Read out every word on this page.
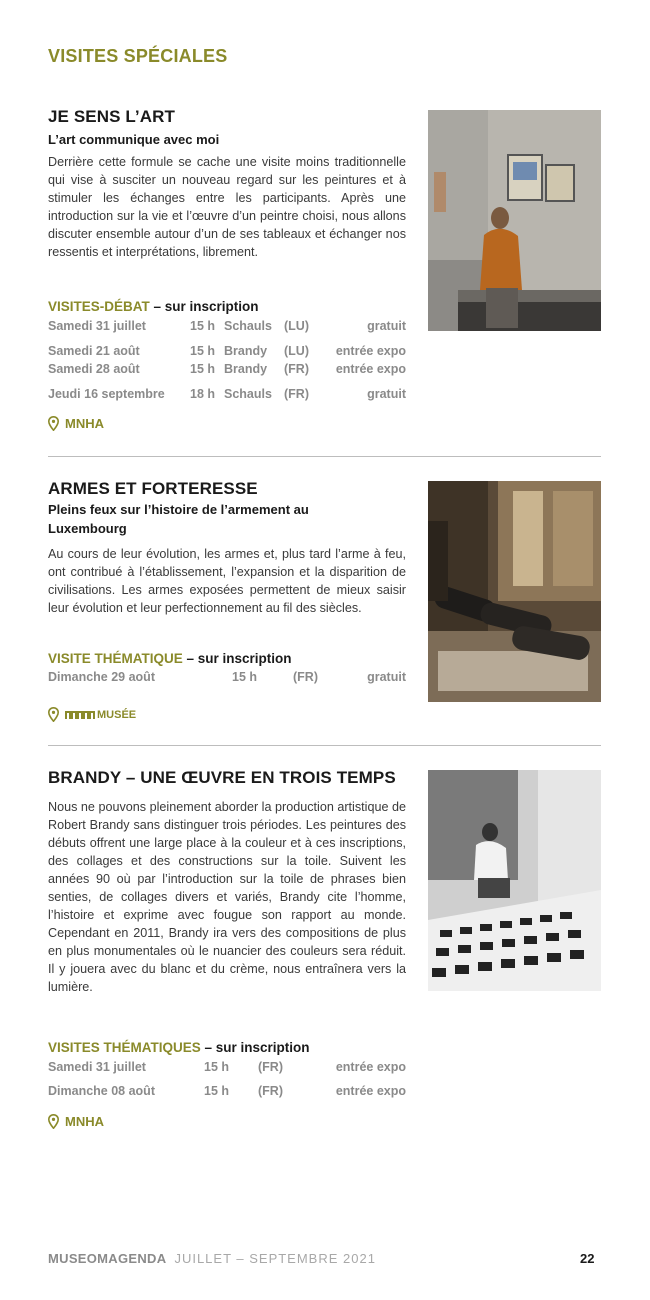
VISITES SPÉCIALES
JE SENS L’ART
L’art communique avec moi
Derrière cette formule se cache une visite moins traditionnelle qui vise à susciter un nouveau regard sur les peintures et à stimuler les échanges entre les participants. Après une introduction sur la vie et l’œuvre d’un peintre choisi, nous allons discuter ensemble autour d’un de ses tableaux et échanger nos ressentis et interprétations, librement.
VISITES-DÉBAT – sur inscription
Samedi 31 juillet	15 h Schauls (LU)	gratuit
Samedi 21 août	15 h Brandy (LU) entrée expo
Samedi 28 août	15 h Brandy (FR) entrée expo
Jeudi 16 septembre 18 h Schauls (FR)	gratuit
MNHA
ARMES ET FORTERESSE
Pleins feux sur l’histoire de l’armement au Luxembourg
Au cours de leur évolution, les armes et, plus tard l’arme à feu, ont contribué à l’établissement, l’expansion et la disparition de civilisations. Les armes exposées permettent de mieux saisir leur évolution et leur perfectionnement au fil des siècles.
VISITE THÉMATIQUE – sur inscription
Dimanche 29 août	15 h	(FR)	gratuit
MUSÉE
BRANDY – UNE ŒUVRE EN TROIS TEMPS
Nous ne pouvons pleinement aborder la production artistique de Robert Brandy sans distinguer trois périodes. Les peintures des débuts offrent une large place à la couleur et à ces inscriptions, des collages et des constructions sur la toile. Suivent les années 90 où par l’introduction sur la toile de phrases bien senties, de collages divers et variés, Brandy cite l’homme, l’histoire et exprime avec fougue son rapport au monde. Cependant en 2011, Brandy ira vers des compositions de plus en plus monumentales où le nuancier des couleurs sera réduit. Il y jouera avec du blanc et du crème, nous entraînera vers la lumière.
VISITES THÉMATIQUES – sur inscription
Samedi 31 juillet	15 h (FR)	entrée expo
Dimanche 08 août	15 h (FR)	entrée expo
MNHA
MUSEOMAGENDA JUILLET – SEPTEMBRE 2021	22
